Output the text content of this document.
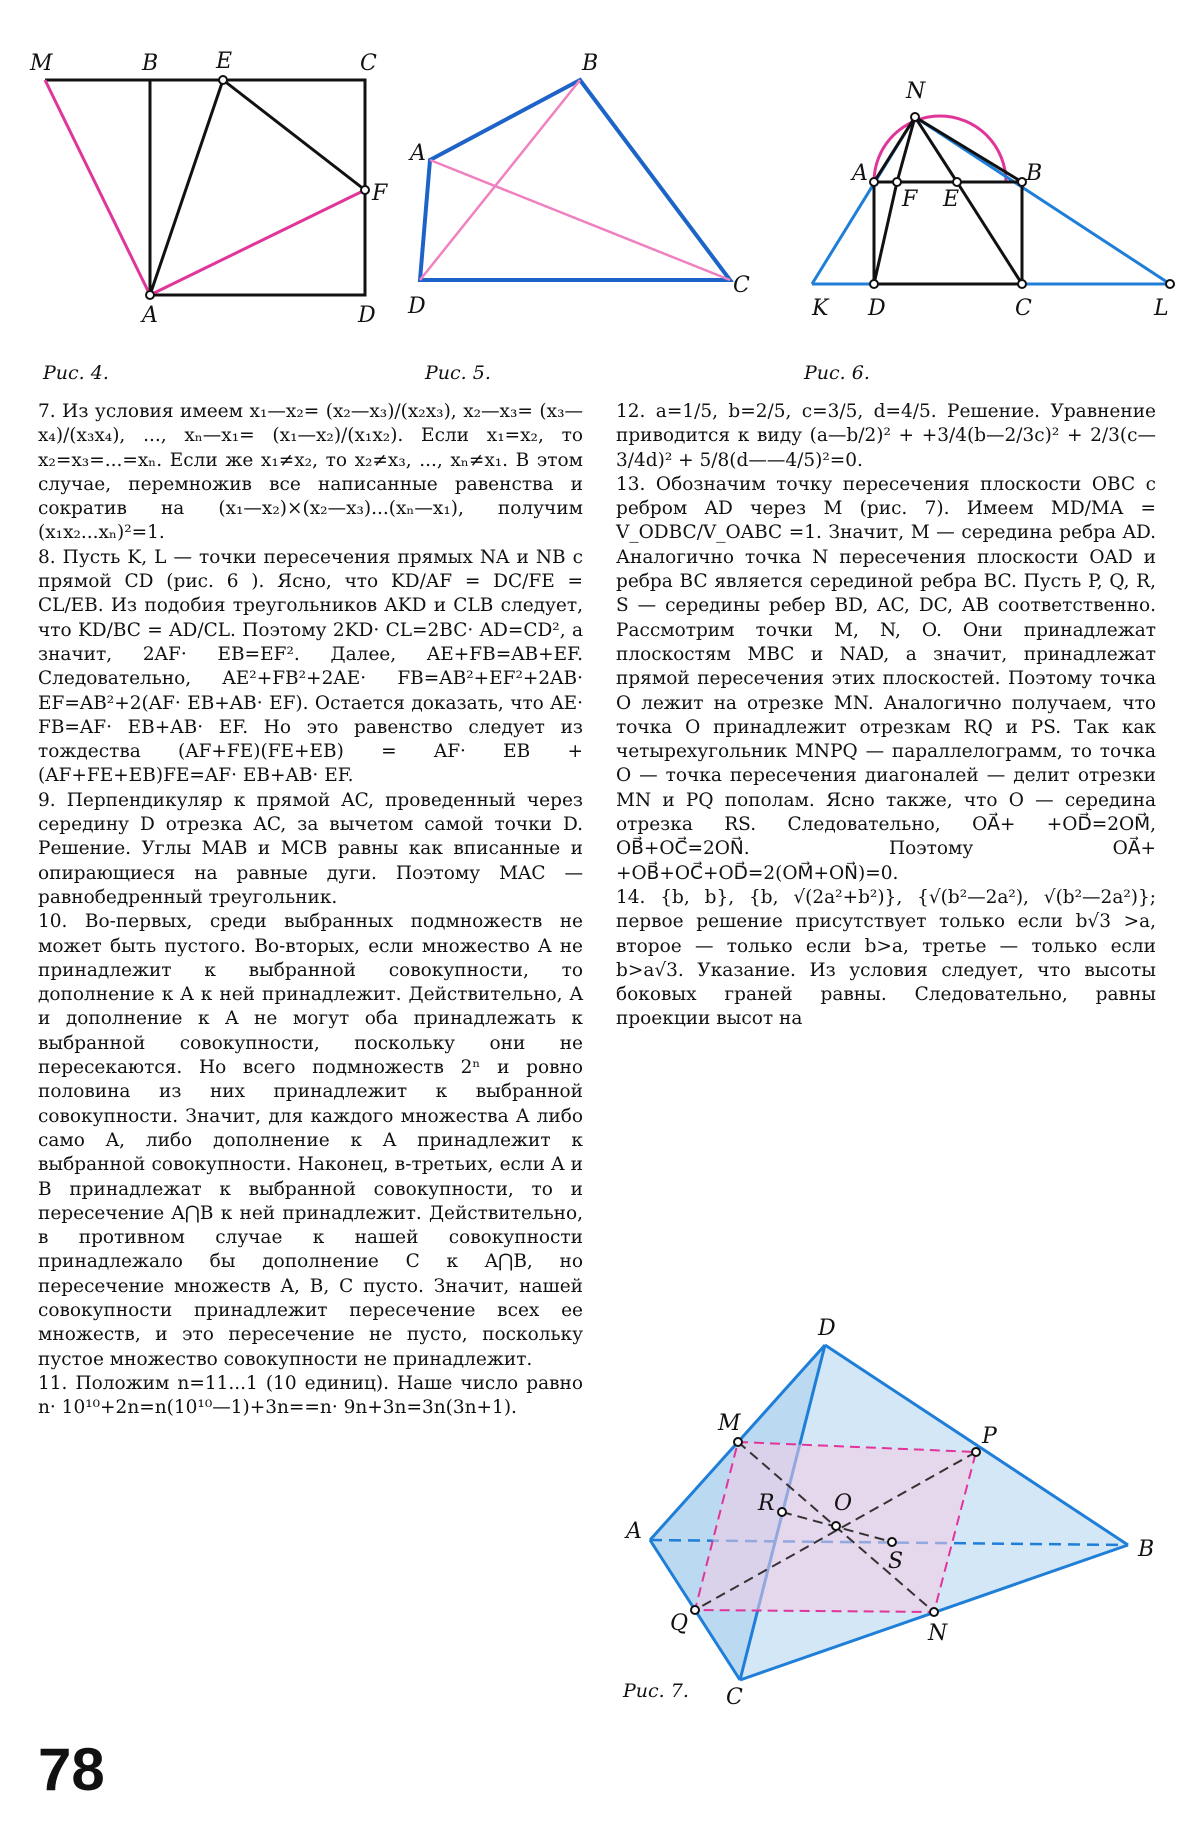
M	B	E	C
F
A	D
Рис. 4.
B
A
C
D
Рис. 5.
N
A	B
F E
K D	C	L
Рис. 6.

7. Из условия имеем x₁—x₂= (x₂—x₃)/(x₂x₃), x₂—x₃= (x₃—x₄)/(x₃x₄), ..., xₙ—x₁= (x₁—x₂)/(x₁x₂). Если x₁=x₂, то x₂=x₃=...=xₙ. Если же x₁≠x₂, то x₂≠x₃, ..., xₙ≠x₁. В этом случае, перемножив все написанные равенства и сократив на (x₁—x₂)×(x₂—x₃)...(xₙ—x₁), получим (x₁x₂...xₙ)²=1.

8. Пусть K, L — точки пересечения прямых NA и NB с прямой CD (рис. 6 ). Ясно, что KD/AF = DC/FE = CL/EB. Из подобия треугольников AKD и CLB следует, что KD/BC = AD/CL. Поэтому 2KD· CL=2BC· AD=CD², а значит, 2AF· EB=EF². Далее, AE+FB=AB+EF. Следовательно, AE²+FB²+2AE· FB=AB²+EF²+2AB· EF=AB²+2(AF· EB+AB· EF). Остается доказать, что AE· FB=AF· EB+AB· EF. Но это равенство следует из тождества (AF+FE)(FE+EB) = AF· EB + (AF+FE+EB)FE=AF· EB+AB· EF.

9. Перпендикуляр к прямой AC, проведенный через середину D отрезка AC, за вычетом самой точки D. Решение. Углы MAB и MCB равны как вписанные и опирающиеся на равные дуги. Поэтому MAC — равнобедренный треугольник.

10. Во-первых, среди выбранных подмножеств не может быть пустого. Во-вторых, если множество A не принадлежит к выбранной совокупности, то дополнение к A к ней принадлежит. Действительно, A и дополнение к A не могут оба принадлежать к выбранной совокупности, поскольку они не пересекаются. Но всего подмножеств 2ⁿ и ровно половина из них принадлежит к выбранной совокупности. Значит, для каждого множества A либо само A, либо дополнение к A принадлежит к выбранной совокупности. Наконец, в-третьих, если A и B принадлежат к выбранной совокупности, то и пересечение A⋂B к ней принадлежит. Действительно, в противном случае к нашей совокупности принадлежало бы дополнение C к A⋂B, но пересечение множеств A, B, C пусто. Значит, нашей совокупности принадлежит пересечение всех ее множеств, и это пересечение не пусто, поскольку пустое множество совокупности не принадлежит.

11. Положим n=11...1 (10 единиц). Наше число равно n· 10¹⁰+2n=n(10¹⁰—1)+3n==n· 9n+3n=3n(3n+1).

12. a=1/5, b=2/5, c=3/5, d=4/5. Решение. Уравнение приводится к виду (a—b/2)² + +3/4(b—2/3c)² + 2/3(c—3/4d)² + 5/8(d——4/5)²=0.

13. Обозначим точку пересечения плоскости OBC с ребром AD через M (рис. 7). Имеем MD/MA = V_ODBC/V_OABC =1. Значит, M — середина ребра AD. Аналогично точка N пересечения плоскости OAD и ребра BC является серединой ребра BC. Пусть P, Q, R, S — середины ребер BD, AC, DC, AB соответственно. Рассмотрим точки M, N, O. Они принадлежат плоскостям MBC и NAD, а значит, принадлежат прямой пересечения этих плоскостей. Поэтому точка O лежит на отрезке MN. Аналогично получаем, что точка O принадлежит отрезкам RQ и PS. Так как четырехугольник MNPQ — параллелограмм, то точка O — точка пересечения диагоналей — делит отрезки MN и PQ пополам. Ясно также, что O — середина отрезка RS. Следовательно, OA⃗+ +OD⃗=2OM⃗, OB⃗+OC⃗=2ON⃗. Поэтому OA⃗+ +OB⃗+OC⃗+OD⃗=2(OM⃗+ON⃗)=0.

14. {b, b}, {b, √(2a²+b²)}, {√(b²—2a²), √(b²—2a²)}; первое решение присутствует только если b√3 >a, второе — только если b>a, третье — только если b>a√3. Указание. Из условия следует, что высоты боковых граней равны. Следовательно, равны проекции высот на

D
M
P
R	O
A
S	B
Q	N
C
Рис. 7.
78
